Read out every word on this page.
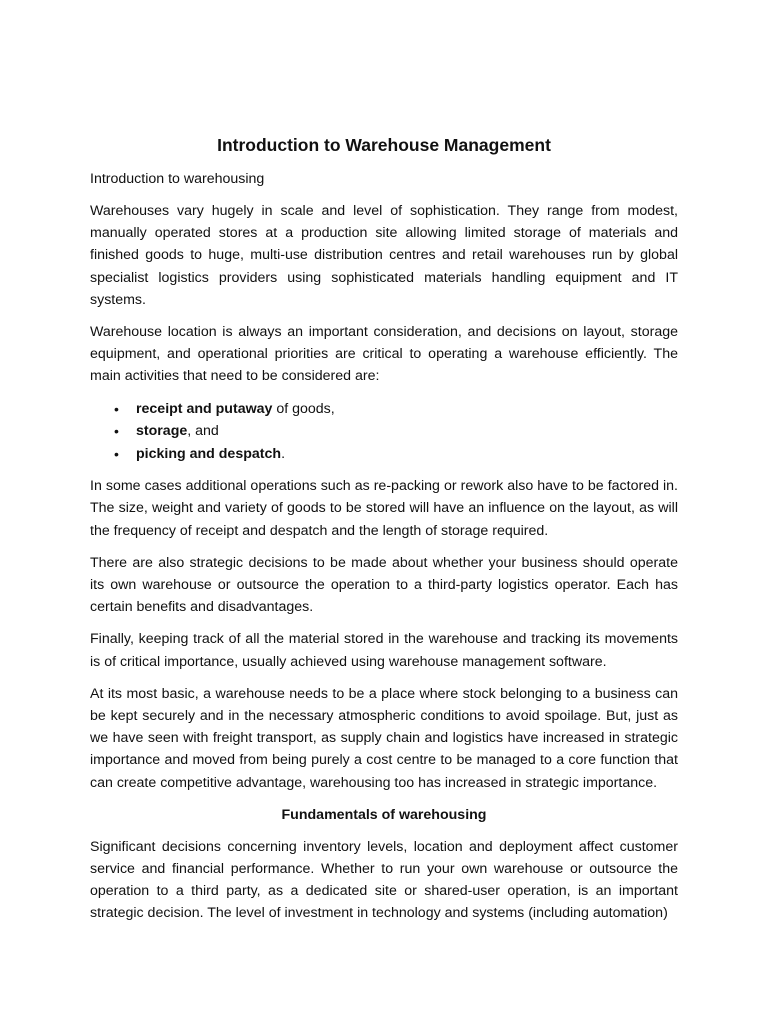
Introduction to Warehouse Management
Introduction to warehousing

Warehouses vary hugely in scale and level of sophistication. They range from modest, manually operated stores at a production site allowing limited storage of materials and finished goods to huge, multi-use distribution centres and retail warehouses run by global specialist logistics providers using sophisticated materials handling equipment and IT systems.

Warehouse location is always an important consideration, and decisions on layout, storage equipment, and operational priorities are critical to operating a warehouse efficiently. The main activities that need to be considered are:

• receipt and putaway of goods,
• storage, and
• picking and despatch.

In some cases additional operations such as re-packing or rework also have to be factored in. The size, weight and variety of goods to be stored will have an influence on the layout, as will the frequency of receipt and despatch and the length of storage required.

There are also strategic decisions to be made about whether your business should operate its own warehouse or outsource the operation to a third-party logistics operator. Each has certain benefits and disadvantages.

Finally, keeping track of all the material stored in the warehouse and tracking its movements is of critical importance, usually achieved using warehouse management software.

At its most basic, a warehouse needs to be a place where stock belonging to a business can be kept securely and in the necessary atmospheric conditions to avoid spoilage. But, just as we have seen with freight transport, as supply chain and logistics have increased in strategic importance and moved from being purely a cost centre to be managed to a core function that can create competitive advantage, warehousing too has increased in strategic importance.

Fundamentals of warehousing

Significant decisions concerning inventory levels, location and deployment affect customer service and financial performance. Whether to run your own warehouse or outsource the operation to a third party, as a dedicated site or shared-user operation, is an important strategic decision. The level of investment in technology and systems (including automation)
